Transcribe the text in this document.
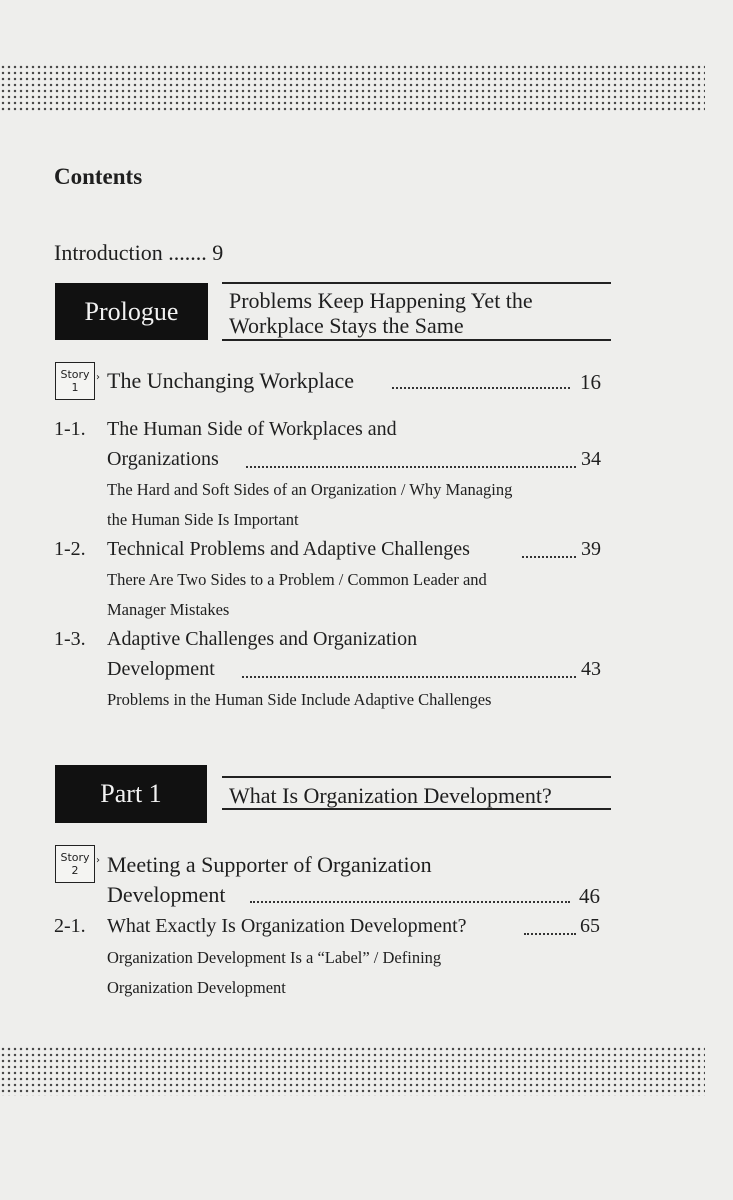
Contents
Introduction ....... 9
Prologue Problems Keep Happening Yet the
Workplace Stays the Same
Story
1
› The Unchanging Workplace	16
1-1. The Human Side of Workplaces and
Organizations	34
The Hard and Soft Sides of an Organization / Why Managing
the Human Side Is Important
1-2. Technical Problems and Adaptive Challenges	39
There Are Two Sides to a Problem / Common Leader and
Manager Mistakes
1-3. Adaptive Challenges and Organization
Development	43
Problems in the Human Side Include Adaptive Challenges
Part 1	What Is Organization Development?
Story
2
› Meeting a Supporter of Organization
Development	46
2-1. What Exactly Is Organization Development?	65
Organization Development Is a “Label” / Defining
Organization Development
